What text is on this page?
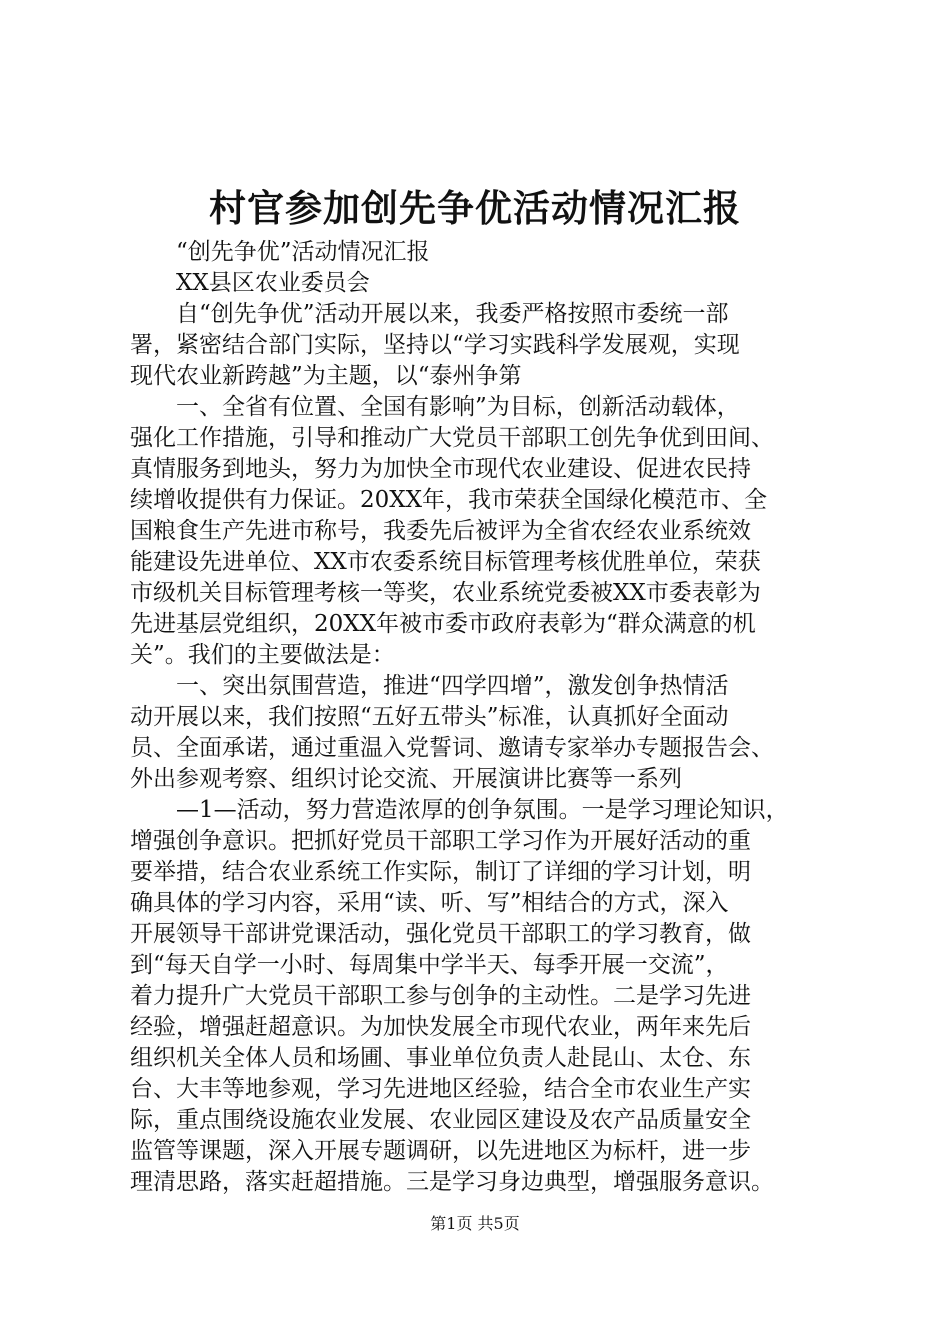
村官参加创先争优活动情况汇报
“创先争优”活动情况汇报
XX县区农业委员会
自“创先争优”活动开展以来，我委严格按照市委统一部
署，紧密结合部门实际，坚持以“学习实践科学发展观，实现
现代农业新跨越”为主题，以“泰州争第
一、全省有位置、全国有影响”为目标，创新活动载体，
强化工作措施，引导和推动广大党员干部职工创先争优到田间、
真情服务到地头，努力为加快全市现代农业建设、促进农民持
续增收提供有力保证。20XX年，我市荣获全国绿化模范市、全
国粮食生产先进市称号，我委先后被评为全省农经农业系统效
能建设先进单位、XX市农委系统目标管理考核优胜单位，荣获
市级机关目标管理考核一等奖，农业系统党委被XX市委表彰为
先进基层党组织，20XX年被市委市政府表彰为“群众满意的机
关”。我们的主要做法是：
一、突出氛围营造，推进“四学四增”，激发创争热情活
动开展以来，我们按照“五好五带头”标准，认真抓好全面动
员、全面承诺，通过重温入党誓词、邀请专家举办专题报告会、
外出参观考察、组织讨论交流、开展演讲比赛等一系列
—1—活动，努力营造浓厚的创争氛围。一是学习理论知识，
增强创争意识。把抓好党员干部职工学习作为开展好活动的重
要举措，结合农业系统工作实际，制订了详细的学习计划，明
确具体的学习内容，采用“读、听、写”相结合的方式，深入
开展领导干部讲党课活动，强化党员干部职工的学习教育，做
到“每天自学一小时、每周集中学半天、每季开展一交流”，
着力提升广大党员干部职工参与创争的主动性。二是学习先进
经验，增强赶超意识。为加快发展全市现代农业，两年来先后
组织机关全体人员和场圃、事业单位负责人赴昆山、太仓、东
台、大丰等地参观，学习先进地区经验，结合全市农业生产实
际，重点围绕设施农业发展、农业园区建设及农产品质量安全
监管等课题，深入开展专题调研，以先进地区为标杆，进一步
理清思路，落实赶超措施。三是学习身边典型，增强服务意识。
第1页 共5页
